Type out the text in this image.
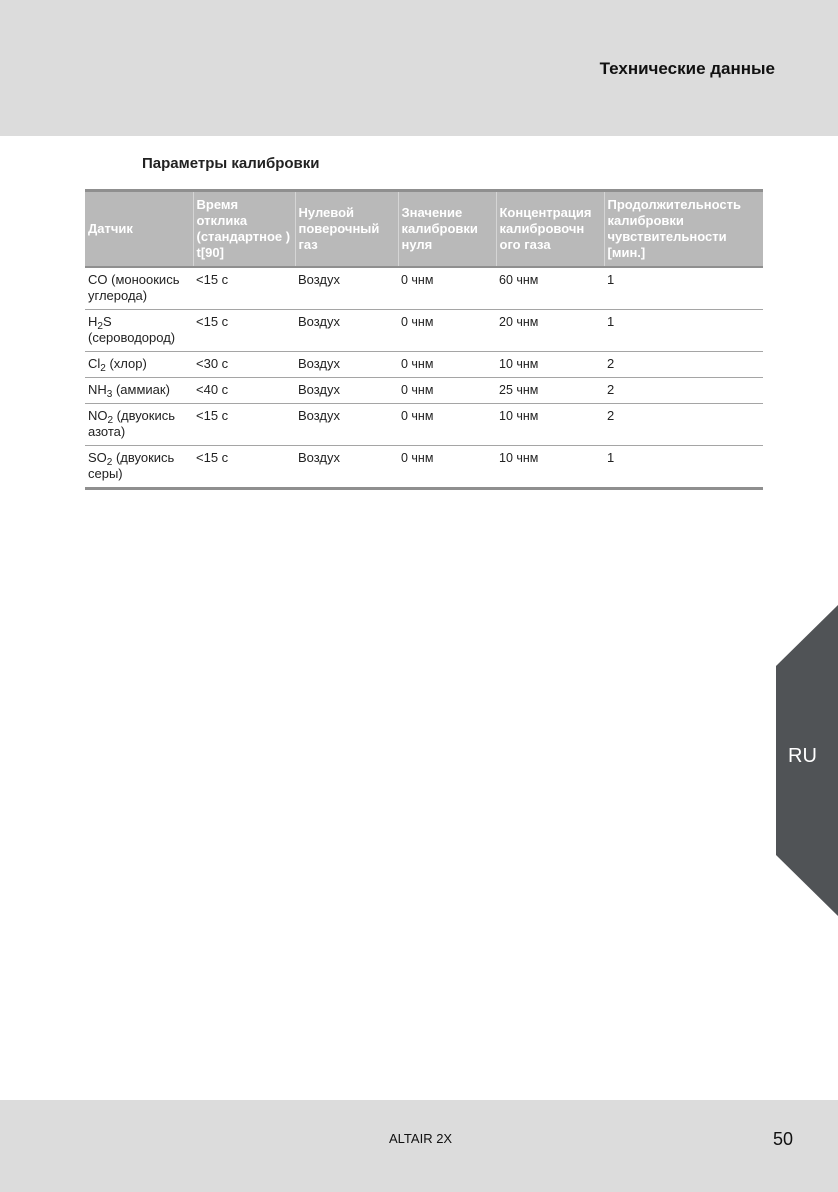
Технические данные
Параметры калибровки
Датчик	Время отклика (стандартное ) t[90]	Нулевой поверочный газ	Значение калибровки нуля	Концентрация калибровочн ого газа	Продолжительность калибровки чувствительности [мин.]
CO (моноокись углерода)	<15 с	Воздух	0 чнм	60 чнм	1
$H_2S$ (сероводород)	<15 с	Воздух	0 чнм	20 чнм	1
$Cl_2$ (хлор)	<30 с	Воздух	0 чнм	10 чнм	2
$NH_3$ (аммиак)	<40 с	Воздух	0 чнм	25 чнм	2
$NO_2$ (двуокись азота)	<15 с	Воздух	0 чнм	10 чнм	2
$SO_2$ (двуокись серы)	<15 с	Воздух	0 чнм	10 чнм	1
RU
ALTAIR 2X	50
